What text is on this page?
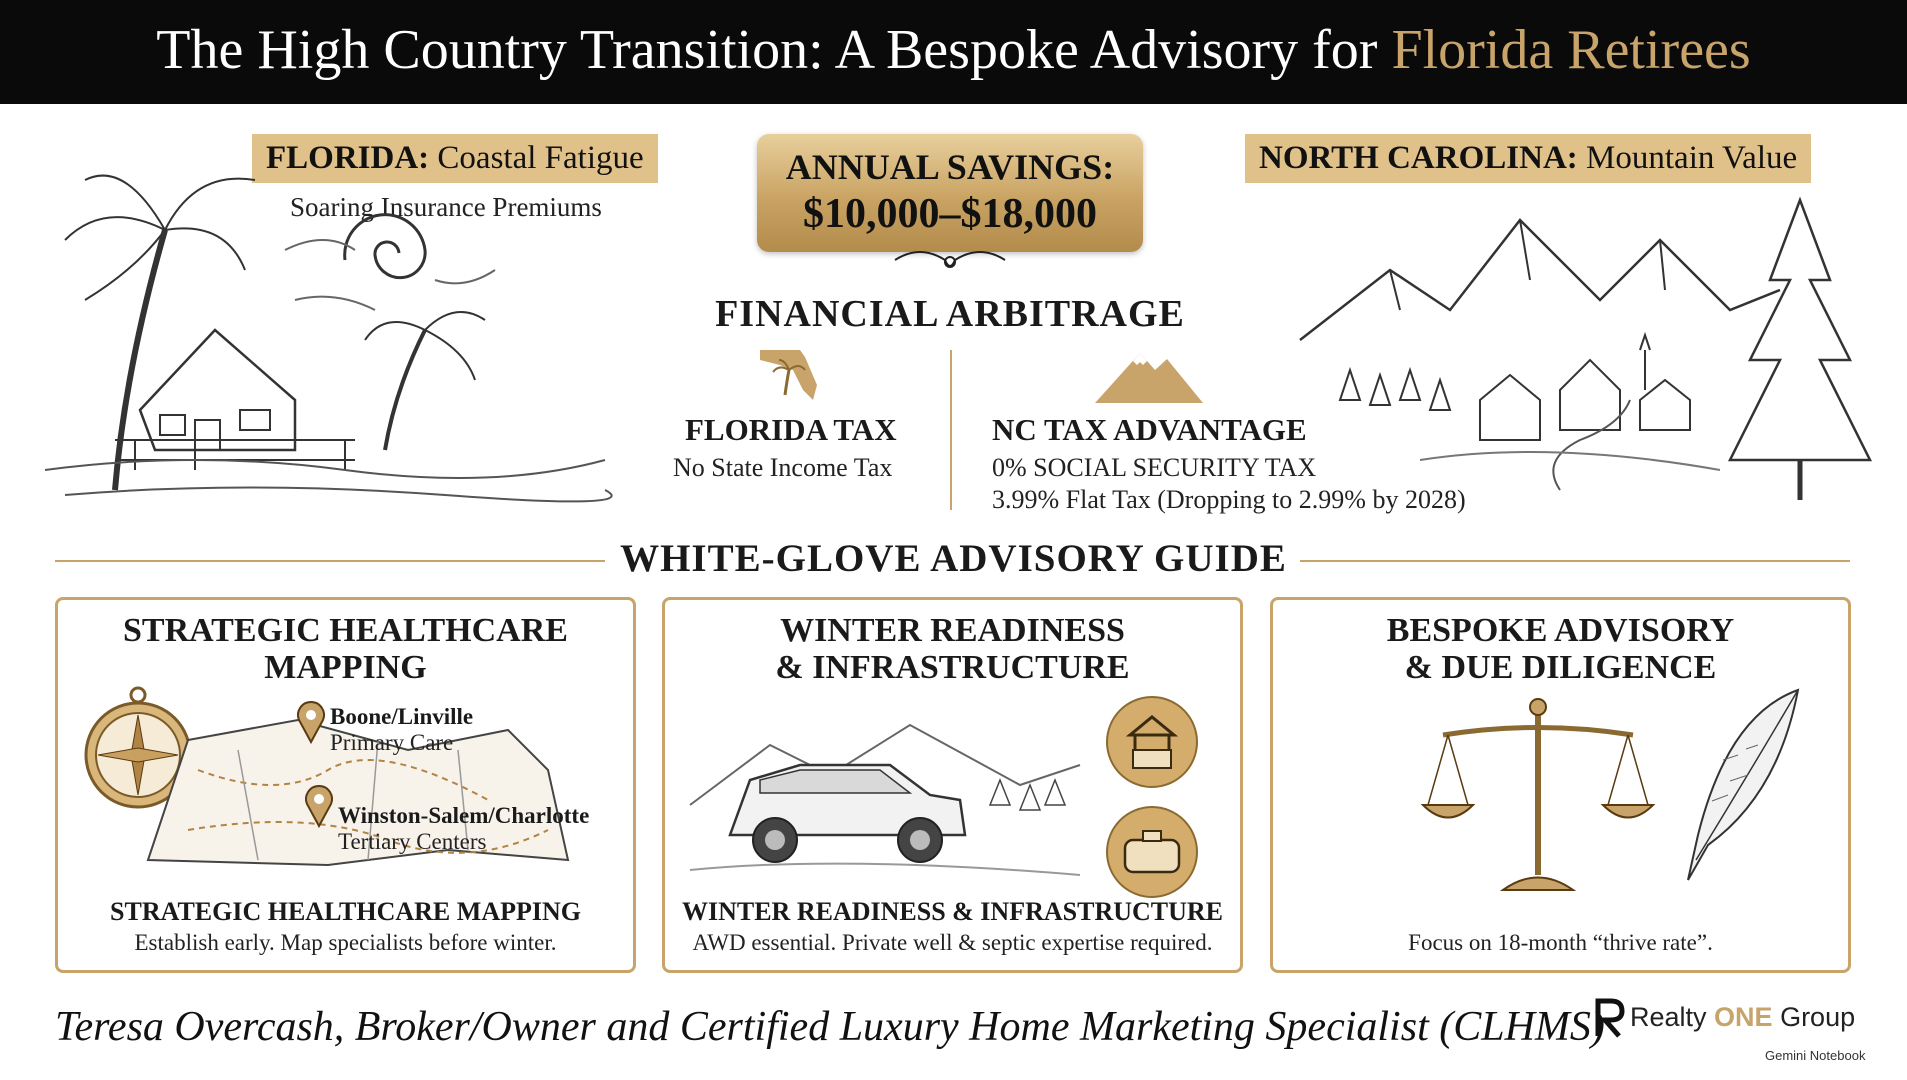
The High Country Transition: A Bespoke Advisory for Florida Retirees
FLORIDA: Coastal Fatigue
Soaring Insurance Premiums
ANNUAL SAVINGS:
$10,000–$18,000
NORTH CAROLINA: Mountain Value
FINANCIAL ARBITRAGE
FLORIDA TAX
No State Income Tax
NC TAX ADVANTAGE
0% SOCIAL SECURITY TAX
3.99% Flat Tax (Dropping to 2.99% by 2028)
WHITE-GLOVE ADVISORY GUIDE
STRATEGIC HEALTHCARE
MAPPING
Boone/Linville
Primary Care
Winston-Salem/Charlotte
Tertiary Centers
STRATEGIC HEALTHCARE MAPPING
Establish early. Map specialists before winter.
WINTER READINESS
& INFRASTRUCTURE
WINTER READINESS & INFRASTRUCTURE
AWD essential. Private well & septic expertise required.
BESPOKE ADVISORY
& DUE DILIGENCE
Focus on 18-month “thrive rate”.
Teresa Overcash, Broker/Owner and Certified Luxury Home Marketing Specialist (CLHMS) Realty ONE Group
Gemini Notebook
